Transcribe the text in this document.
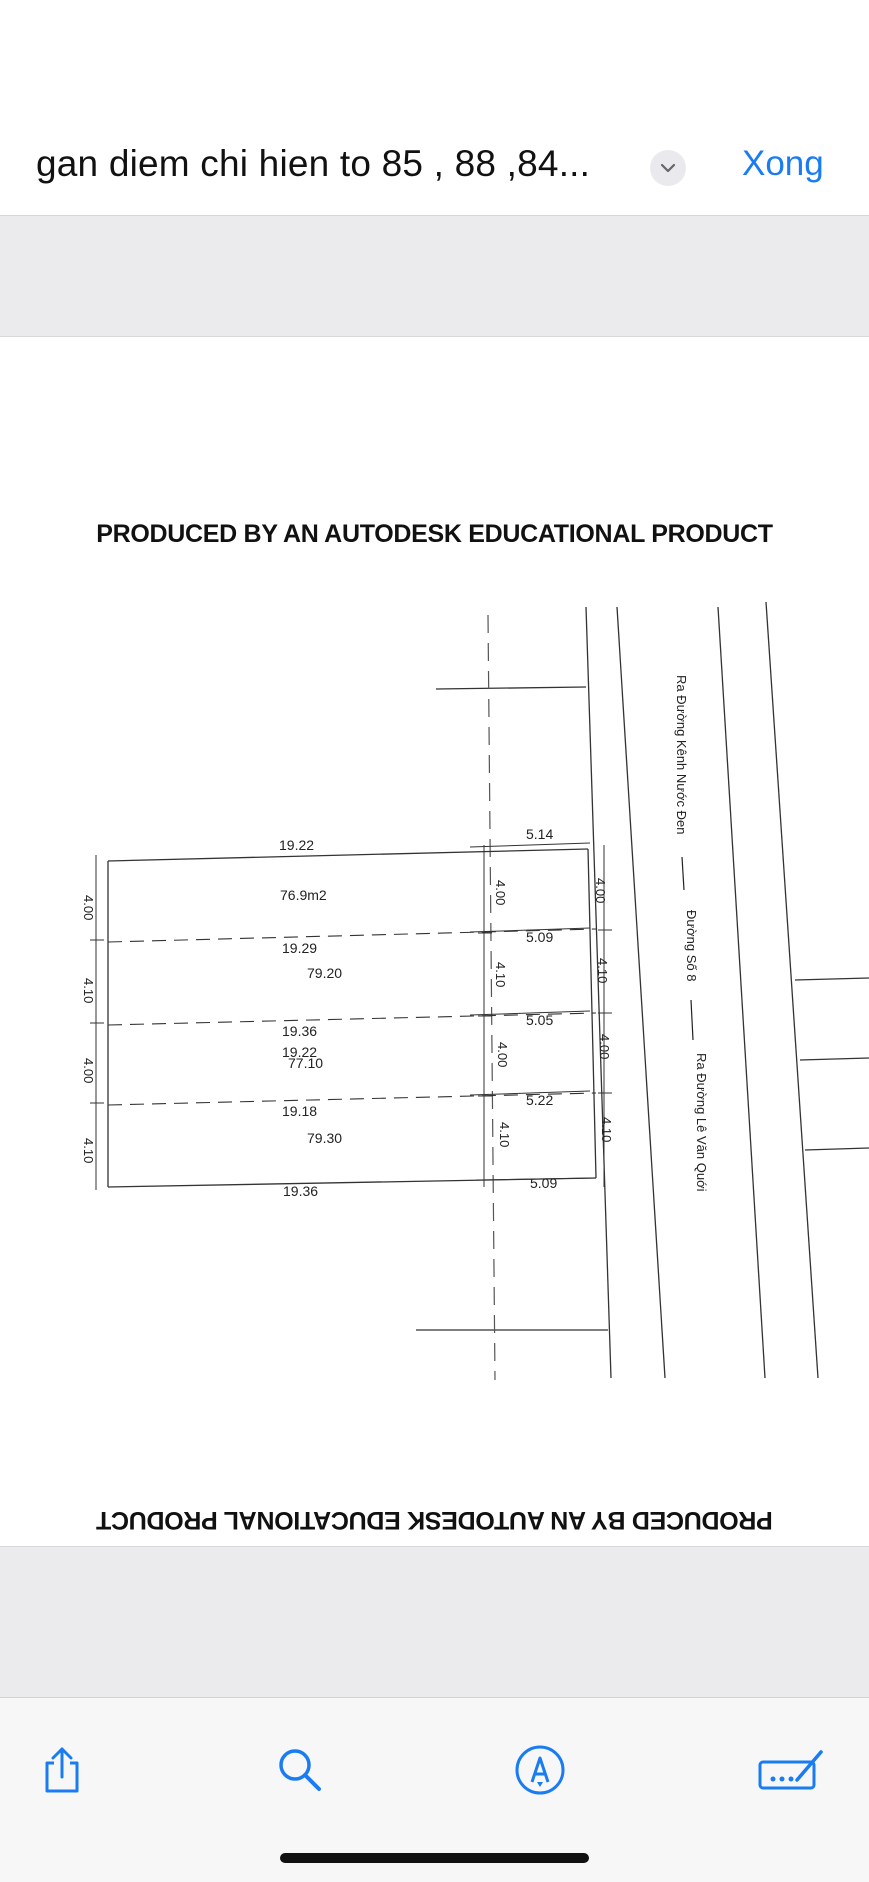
gan diem chi hien to 85 , 88 ,84...	Xong
PRODUCED BY AN AUTODESK EDUCATIONAL PRODUCT
4.00
4.10
4.00
4.10
4.00
4.10
4.00
4.10
4.00
4.10
4.00
4.10
19.22
19.29
19.36
19.22
19.18
19.36
76.9m2
79.20
77.10
79.30
5.14
5.09
5.05
5.22
5.09
Ra Đường Kênh Nước Đen
Đường Số 8
Ra Đường Lê Văn Quới
PRODUCED BY AN AUTODESK EDUCATIONAL PRODUCT
